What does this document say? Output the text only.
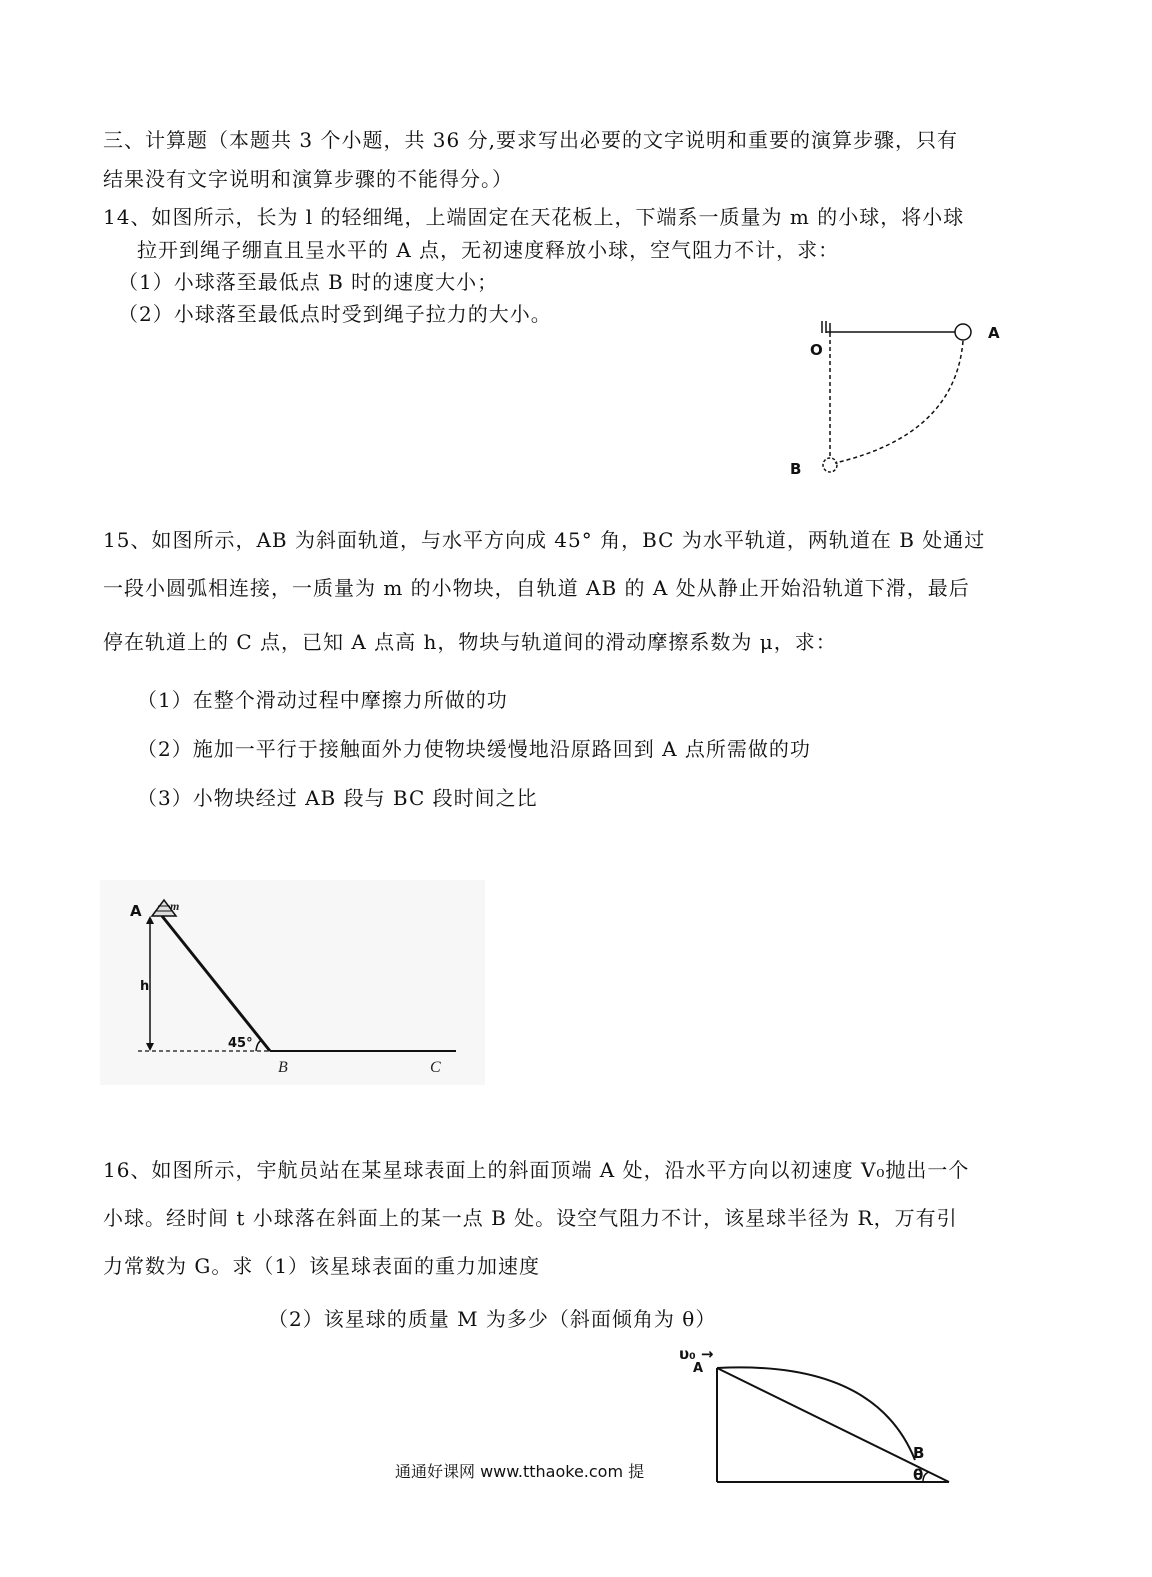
三、计算题（本题共 3 个小题，共 36 分,要求写出必要的文字说明和重要的演算步骤，只有
结果没有文字说明和演算步骤的不能得分。）
14、如图所示，长为 l 的轻细绳，上端固定在天花板上，下端系一质量为 m 的小球，将小球
拉开到绳子绷直且呈水平的 A 点，无初速度释放小球，空气阻力不计，求：
（1）小球落至最低点 B 时的速度大小；
（2）小球落至最低点时受到绳子拉力的大小。
O
A
B
15、如图所示，AB 为斜面轨道，与水平方向成 45° 角，BC 为水平轨道，两轨道在 B 处通过
一段小圆弧相连接，一质量为 m 的小物块，自轨道 AB 的 A 处从静止开始沿轨道下滑，最后
停在轨道上的 C 点，已知 A 点高 h，物块与轨道间的滑动摩擦系数为 μ，求：
（1）在整个滑动过程中摩擦力所做的功
（2）施加一平行于接触面外力使物块缓慢地沿原路回到 A 点所需做的功
（3）小物块经过 AB 段与 BC 段时间之比
A m
h
45°
B	C
16、如图所示，宇航员站在某星球表面上的斜面顶端 A 处，沿水平方向以初速度 V₀抛出一个
小球。经时间 t 小球落在斜面上的某一点 B 处。设空气阻力不计，该星球半径为 R，万有引
力常数为 G。求（1）该星球表面的重力加速度
（2）该星球的质量 M 为多少（斜面倾角为 θ）
υ₀ →
A
B
θ
通通好课网 www.tthaoke.com 提
